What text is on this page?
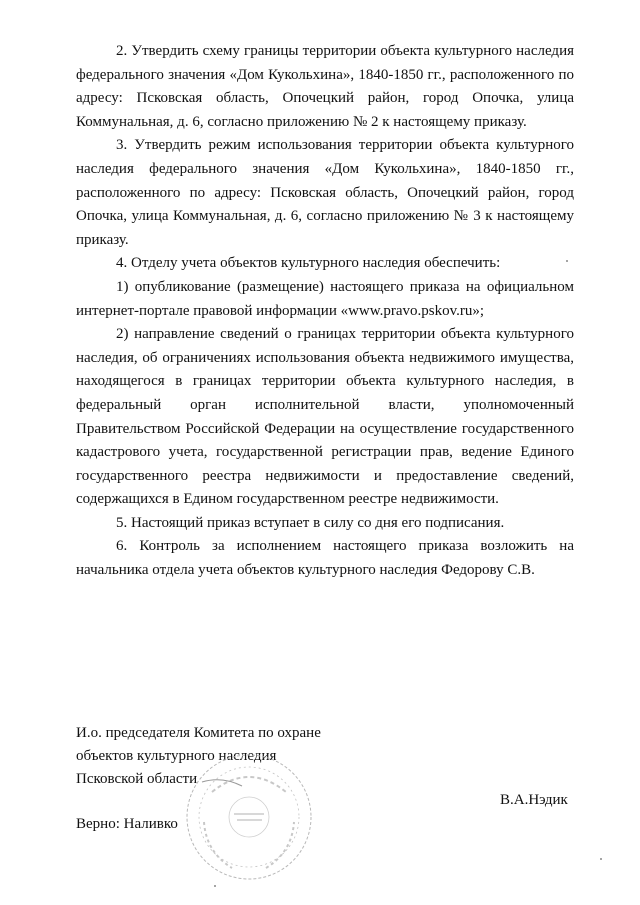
2. Утвердить схему границы территории объекта культурного наследия федерального значения «Дом Кукольхина», 1840-1850 гг., расположенного по адресу: Псковская область, Опочецкий район, город Опочка, улица Коммунальная, д. 6, согласно приложению № 2 к настоящему приказу.

3. Утвердить режим использования территории объекта культурного наследия федерального значения «Дом Кукольхина», 1840-1850 гг., расположенного по адресу: Псковская область, Опочецкий район, город Опочка, улица Коммунальная, д. 6, согласно приложению № 3 к настоящему приказу.

4. Отделу учета объектов культурного наследия обеспечить:

1) опубликование (размещение) настоящего приказа на официальном интернет-портале правовой информации «www.pravo.pskov.ru»;

2) направление сведений о границах территории объекта культурного наследия, об ограничениях использования объекта недвижимого имущества, находящегося в границах территории объекта культурного наследия, в федеральный орган исполнительной власти, уполномоченный Правительством Российской Федерации на осуществление государственного кадастрового учета, государственной регистрации прав, ведение Единого государственного реестра недвижимости и предоставление сведений, содержащихся в Едином государственном реестре недвижимости.

5. Настоящий приказ вступает в силу со дня его подписания.

6. Контроль за исполнением настоящего приказа возложить на начальника отдела учета объектов культурного наследия Федорову С.В.

И.о. председателя Комитета по охране
объектов культурного наследия
Псковской области
В.А.Нэдик
Верно: Наливко
